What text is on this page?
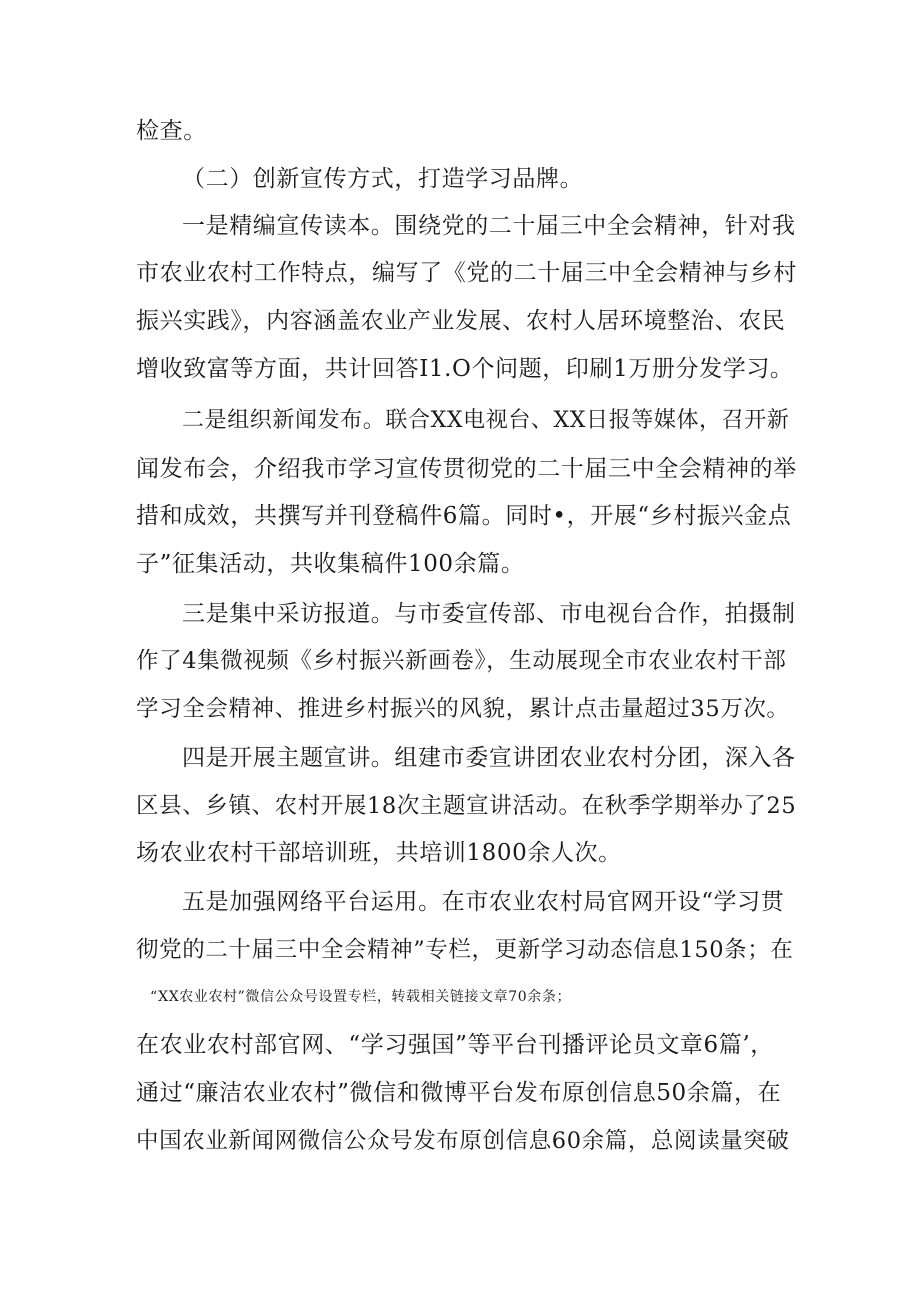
检查。
（二）创新宣传方式，打造学习品牌。
一是精编宣传读本。围绕党的二十届三中全会精神，针对我
市农业农村工作特点，编写了《党的二十届三中全会精神与乡村
振兴实践》，内容涵盖农业产业发展、农村人居环境整治、农民
增收致富等方面，共计回答I1.O个问题，印刷1万册分发学习。
二是组织新闻发布。联合XX电视台、XX日报等媒体，召开新
闻发布会，介绍我市学习宣传贯彻党的二十届三中全会精神的举
措和成效，共撰写并刊登稿件6篇。同时•，开展“乡村振兴金点
子”征集活动，共收集稿件100余篇。
三是集中采访报道。与市委宣传部、市电视台合作，拍摄制
作了4集微视频《乡村振兴新画卷》，生动展现全市农业农村干部
学习全会精神、推进乡村振兴的风貌，累计点击量超过35万次。
四是开展主题宣讲。组建市委宣讲团农业农村分团，深入各
区县、乡镇、农村开展18次主题宣讲活动。在秋季学期举办了25
场农业农村干部培训班，共培训1800余人次。
五是加强网络平台运用。在市农业农村局官网开设“学习贯
彻党的二十届三中全会精神”专栏，更新学习动态信息150条；在
“XX农业农村”微信公众号设置专栏，转载相关链接文章70余条；
在农业农村部官网、“学习强国”等平台刊播评论员文章6篇’，
通过“廉洁农业农村”微信和微博平台发布原创信息50余篇，在
中国农业新闻网微信公众号发布原创信息60余篇，总阅读量突破
